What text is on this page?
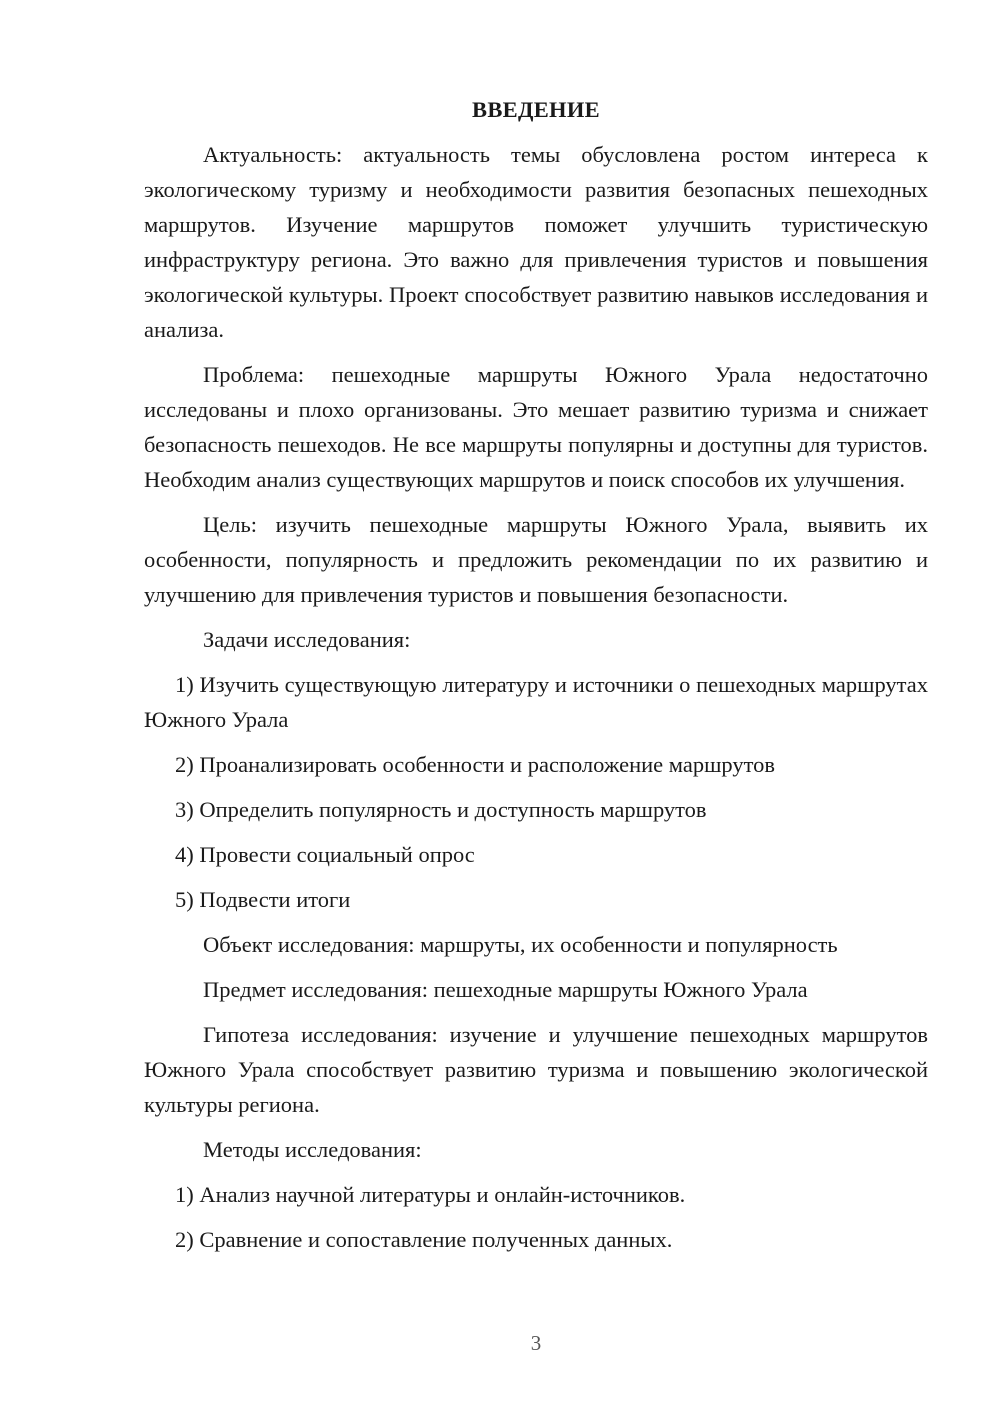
ВВЕДЕНИЕ

Актуальность: актуальность темы обусловлена ростом интереса к экологическому туризму и необходимости развития безопасных пешеходных маршрутов. Изучение маршрутов поможет улучшить туристическую инфраструктуру региона. Это важно для привлечения туристов и повышения экологической культуры. Проект способствует развитию навыков исследования и анализа.

Проблема: пешеходные маршруты Южного Урала недостаточно исследованы и плохо организованы. Это мешает развитию туризма и снижает безопасность пешеходов. Не все маршруты популярны и доступны для туристов. Необходим анализ существующих маршрутов и поиск способов их улучшения.

Цель: изучить пешеходные маршруты Южного Урала, выявить их особенности, популярность и предложить рекомендации по их развитию и улучшению для привлечения туристов и повышения безопасности.

Задачи исследования:

1) Изучить существующую литературу и источники о пешеходных маршрутах Южного Урала

2) Проанализировать особенности и расположение маршрутов

3) Определить популярность и доступность маршрутов

4) Провести социальный опрос

5) Подвести итоги

Объект исследования: маршруты, их особенности и популярность

Предмет исследования: пешеходные маршруты Южного Урала

Гипотеза исследования: изучение и улучшение пешеходных маршрутов Южного Урала способствует развитию туризма и повышению экологической культуры региона.

Методы исследования:

1) Анализ научной литературы и онлайн-источников.

2) Сравнение и сопоставление полученных данных.

3
